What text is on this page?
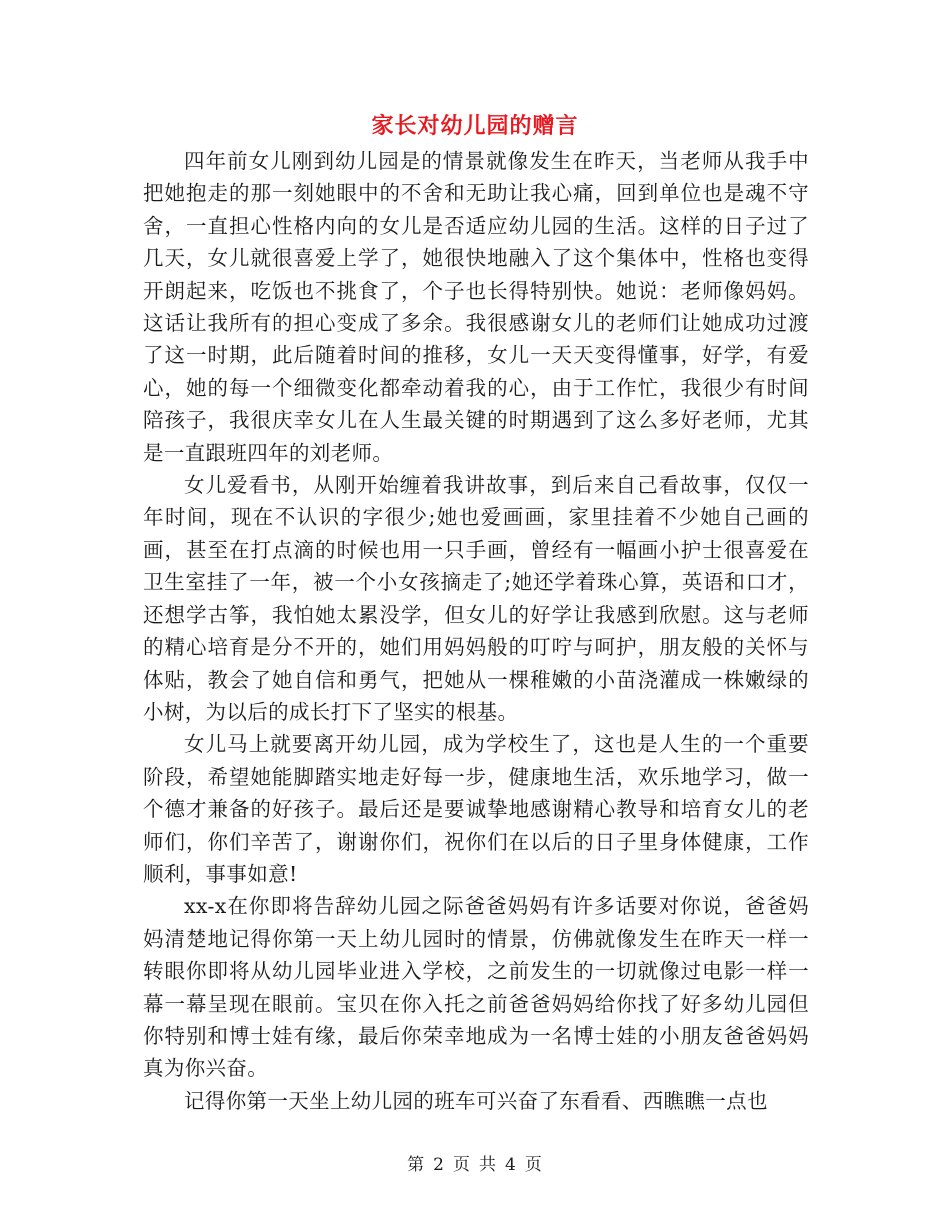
家长对幼儿园的赠言

四年前女儿刚到幼儿园是的情景就像发生在昨天，当老师从我手中把她抱走的那一刻她眼中的不舍和无助让我心痛，回到单位也是魂不守舍，一直担心性格内向的女儿是否适应幼儿园的生活。这样的日子过了几天，女儿就很喜爱上学了，她很快地融入了这个集体中，性格也变得开朗起来，吃饭也不挑食了，个子也长得特别快。她说：老师像妈妈。这话让我所有的担心变成了多余。我很感谢女儿的老师们让她成功过渡了这一时期，此后随着时间的推移，女儿一天天变得懂事，好学，有爱心，她的每一个细微变化都牵动着我的心，由于工作忙，我很少有时间陪孩子，我很庆幸女儿在人生最关键的时期遇到了这么多好老师，尤其是一直跟班四年的刘老师。

女儿爱看书，从刚开始缠着我讲故事，到后来自己看故事，仅仅一年时间，现在不认识的字很少;她也爱画画，家里挂着不少她自己画的画，甚至在打点滴的时候也用一只手画，曾经有一幅画小护士很喜爱在卫生室挂了一年，被一个小女孩摘走了;她还学着珠心算，英语和口才，还想学古筝，我怕她太累没学，但女儿的好学让我感到欣慰。这与老师的精心培育是分不开的，她们用妈妈般的叮咛与呵护，朋友般的关怀与体贴，教会了她自信和勇气，把她从一棵稚嫩的小苗浇灌成一株嫩绿的小树，为以后的成长打下了坚实的根基。

女儿马上就要离开幼儿园，成为学校生了，这也是人生的一个重要阶段，希望她能脚踏实地走好每一步，健康地生活，欢乐地学习，做一个德才兼备的好孩子。最后还是要诚挚地感谢精心教导和培育女儿的老师们，你们辛苦了，谢谢你们，祝你们在以后的日子里身体健康，工作顺利，事事如意!

xx-x在你即将告辞幼儿园之际爸爸妈妈有许多话要对你说，爸爸妈妈清楚地记得你第一天上幼儿园时的情景，仿佛就像发生在昨天一样一转眼你即将从幼儿园毕业进入学校，之前发生的一切就像过电影一样一幕一幕呈现在眼前。宝贝在你入托之前爸爸妈妈给你找了好多幼儿园但你特别和博士娃有缘，最后你荣幸地成为一名博士娃的小朋友爸爸妈妈真为你兴奋。

记得你第一天坐上幼儿园的班车可兴奋了东看看、西瞧瞧一点也

第 2 页 共 4 页
